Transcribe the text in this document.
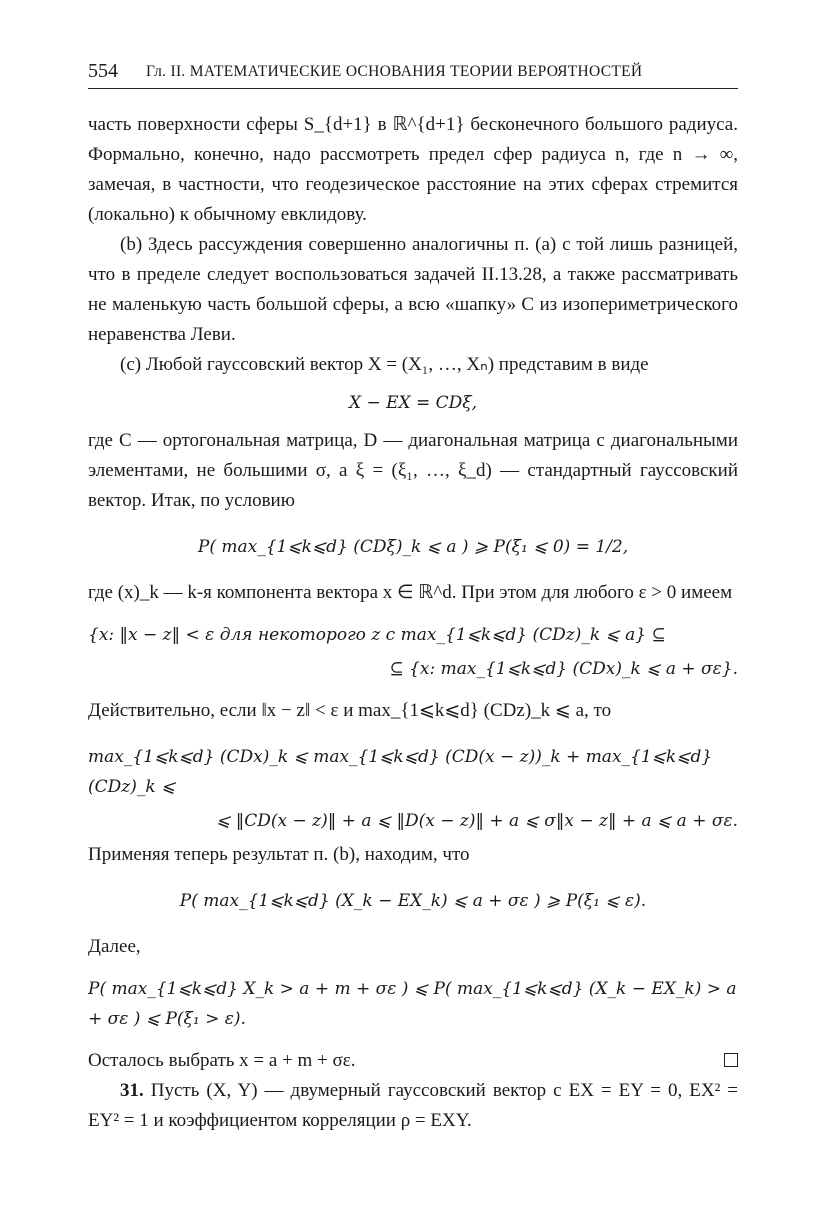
554 Гл. II. МАТЕМАТИЧЕСКИЕ ОСНОВАНИЯ ТЕОРИИ ВЕРОЯТНОСТЕЙ

часть поверхности сферы S_{d+1} в ℝ^{d+1} бесконечного большого радиуса. Формально, конечно, надо рассмотреть предел сфер радиуса n, где n → ∞, замечая, в частности, что геодезическое расстояние на этих сферах стремится (локально) к обычному евклидову.

(b) Здесь рассуждения совершенно аналогичны п. (a) с той лишь разницей, что в пределе следует воспользоваться задачей II.13.28, а также рассматривать не маленькую часть большой сферы, а всю «шапку» C из изопериметрического неравенства Леви.

(c) Любой гауссовский вектор X = (X₁, …, Xₙ) представим в виде

X − EX = CDξ,

где C — ортогональная матрица, D — диагональная матрица с диагональными элементами, не большими σ, а ξ = (ξ₁, …, ξ_d) — стандартный гауссовский вектор. Итак, по условию

P( max_{1⩽k⩽d} (CDξ)_k ⩽ a ) ⩾ P(ξ₁ ⩽ 0) = 1/2,

где (x)_k — k-я компонента вектора x ∈ ℝ^d. При этом для любого ε > 0 имеем

{x: ‖x − z‖ < ε для некоторого z с max_{1⩽k⩽d} (CDz)_k ⩽ a} ⊆
⊆ {x: max_{1⩽k⩽d} (CDx)_k ⩽ a + σε}.

Действительно, если ‖x − z‖ < ε и max_{1⩽k⩽d} (CDz)_k ⩽ a, то

max_{1⩽k⩽d} (CDx)_k ⩽ max_{1⩽k⩽d} (CD(x − z))_k + max_{1⩽k⩽d} (CDz)_k ⩽
⩽ ‖CD(x − z)‖ + a ⩽ ‖D(x − z)‖ + a ⩽ σ‖x − z‖ + a ⩽ a + σε.

Применяя теперь результат п. (b), находим, что

P( max_{1⩽k⩽d} (X_k − EX_k) ⩽ a + σε ) ⩾ P(ξ₁ ⩽ ε).

Далее,

P( max_{1⩽k⩽d} X_k > a + m + σε ) ⩽ P( max_{1⩽k⩽d} (X_k − EX_k) > a + σε ) ⩽ P(ξ₁ > ε).

Осталось выбрать x = a + m + σε.

31. Пусть (X, Y) — двумерный гауссовский вектор с EX = EY = 0, EX² = EY² = 1 и коэффициентом корреляции ρ = EXY.
